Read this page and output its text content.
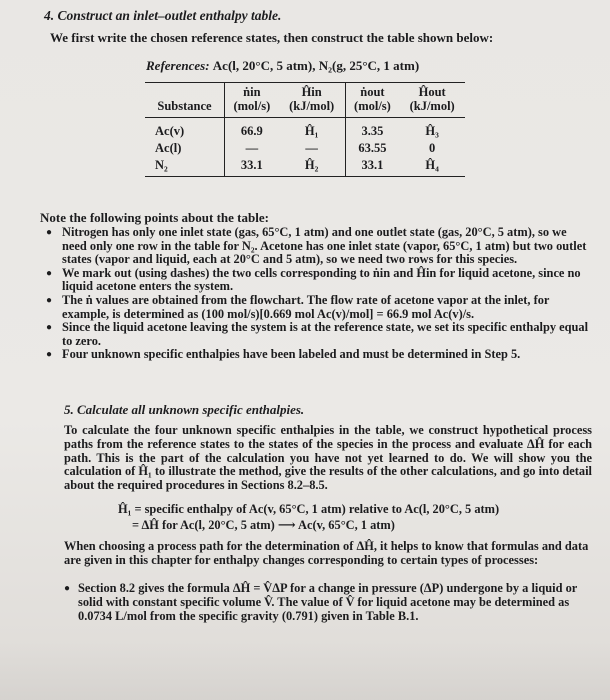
4. Construct an inlet–outlet enthalpy table.
We first write the chosen reference states, then construct the table shown below:
References: Ac(l, 20°C, 5 atm), N₂(g, 25°C, 1 atm)
	ṅin	Ĥin	ṅout	Ĥout
Substance	(mol/s)	(kJ/mol)	(mol/s)	(kJ/mol)
Ac(v)	66.9	Ĥ₁	3.35	Ĥ₃
Ac(l)	—	—	63.55	0
N₂	33.1	Ĥ₂	33.1	Ĥ₄
Note the following points about the table:
● Nitrogen has only one inlet state (gas, 65°C, 1 atm) and one outlet state (gas, 20°C, 5 atm), so we need only one row in the table for N₂. Acetone has one inlet state (vapor, 65°C, 1 atm) but two outlet states (vapor and liquid, each at 20°C and 5 atm), so we need two rows for this species.
● We mark out (using dashes) the two cells corresponding to ṅin and Ĥin for liquid acetone, since no liquid acetone enters the system.
● The ṅ values are obtained from the flowchart. The flow rate of acetone vapor at the inlet, for example, is determined as (100 mol/s)[0.669 mol Ac(v)/mol] = 66.9 mol Ac(v)/s.
● Since the liquid acetone leaving the system is at the reference state, we set its specific enthalpy equal to zero.
● Four unknown specific enthalpies have been labeled and must be determined in Step 5.
5. Calculate all unknown specific enthalpies.
To calculate the four unknown specific enthalpies in the table, we construct hypothetical process paths from the reference states to the states of the species in the process and evaluate ΔĤ for each path. This is the part of the calculation you have not yet learned to do. We will show you the calculation of Ĥ₁ to illustrate the method, give the results of the other calculations, and go into detail about the required procedures in Sections 8.2–8.5.
Ĥ₁ = specific enthalpy of Ac(v, 65°C, 1 atm) relative to Ac(l, 20°C, 5 atm)
= ΔĤ for Ac(l, 20°C, 5 atm) ⟶ Ac(v, 65°C, 1 atm)
When choosing a process path for the determination of ΔĤ, it helps to know that formulas and data are given in this chapter for enthalpy changes corresponding to certain types of processes:
● Section 8.2 gives the formula ΔĤ = V̂ΔP for a change in pressure (ΔP) undergone by a liquid or solid with constant specific volume V̂. The value of V̂ for liquid acetone may be determined as 0.0734 L/mol from the specific gravity (0.791) given in Table B.1.
